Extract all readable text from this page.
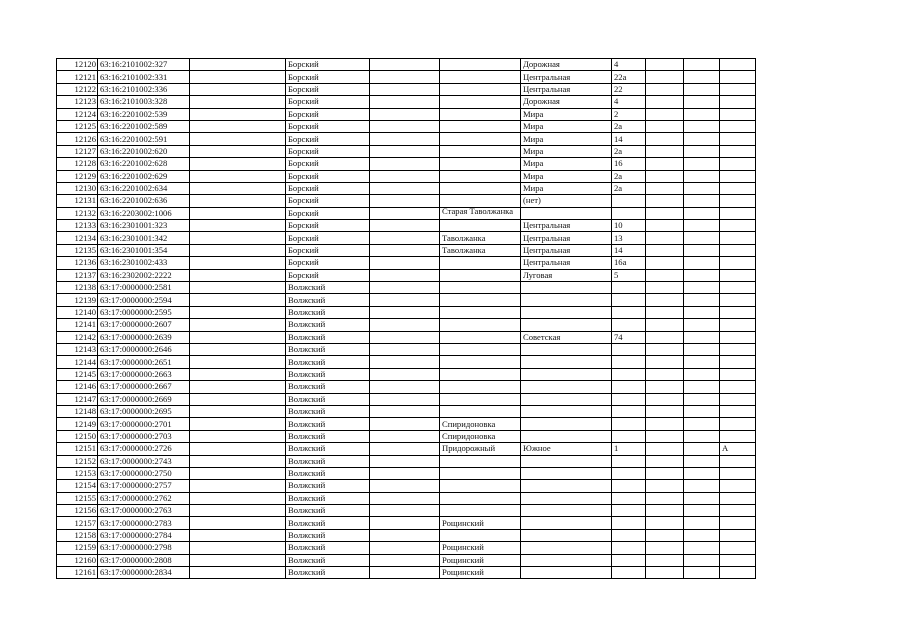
12120	63:16:2101002:327		Борский			Дорожная	4			
12121	63:16:2101002:331		Борский			Центральная	22а			
12122	63:16:2101002:336		Борский			Центральная	22			
12123	63:16:2101003:328		Борский			Дорожная	4			
12124	63:16:2201002:539		Борский			Мира	2			
12125	63:16:2201002:589		Борский			Мира	2а			
12126	63:16:2201002:591		Борский			Мира	14			
12127	63:16:2201002:620		Борский			Мира	2а			
12128	63:16:2201002:628		Борский			Мира	16			
12129	63:16:2201002:629		Борский			Мира	2а			
12130	63:16:2201002:634		Борский			Мира	2а			
12131	63:16:2201002:636		Борский			(нет)				
12132	63:16:2203002:1006		Борский		Старая Таволжанка					
12133	63:16:2301001:323		Борский			Центральная	10			
12134	63:16:2301001:342		Борский		Таволжанка	Центральная	13			
12135	63:16:2301001:354		Борский		Таволжанка	Центральная	14			
12136	63:16:2301002:433		Борский			Центральная	16а			
12137	63:16:2302002:2222		Борский			Луговая	5			
12138	63:17:0000000:2581		Волжский							
12139	63:17:0000000:2594		Волжский							
12140	63:17:0000000:2595		Волжский							
12141	63:17:0000000:2607		Волжский							
12142	63:17:0000000:2639		Волжский			Советская	74			
12143	63:17:0000000:2646		Волжский							
12144	63:17:0000000:2651		Волжский							
12145	63:17:0000000:2663		Волжский							
12146	63:17:0000000:2667		Волжский							
12147	63:17:0000000:2669		Волжский							
12148	63:17:0000000:2695		Волжский							
12149	63:17:0000000:2701		Волжский		Спиридоновка					
12150	63:17:0000000:2703		Волжский		Спиридоновка					
12151	63:17:0000000:2726		Волжский		Придорожный	Южное	1			А
12152	63:17:0000000:2743		Волжский							
12153	63:17:0000000:2750		Волжский							
12154	63:17:0000000:2757		Волжский							
12155	63:17:0000000:2762		Волжский							
12156	63:17:0000000:2763		Волжский							
12157	63:17:0000000:2783		Волжский		Рощинский					
12158	63:17:0000000:2784		Волжский							
12159	63:17:0000000:2798		Волжский		Рощинский					
12160	63:17:0000000:2808		Волжский		Рощинский					
12161	63:17:0000000:2834		Волжский		Рощинский					
